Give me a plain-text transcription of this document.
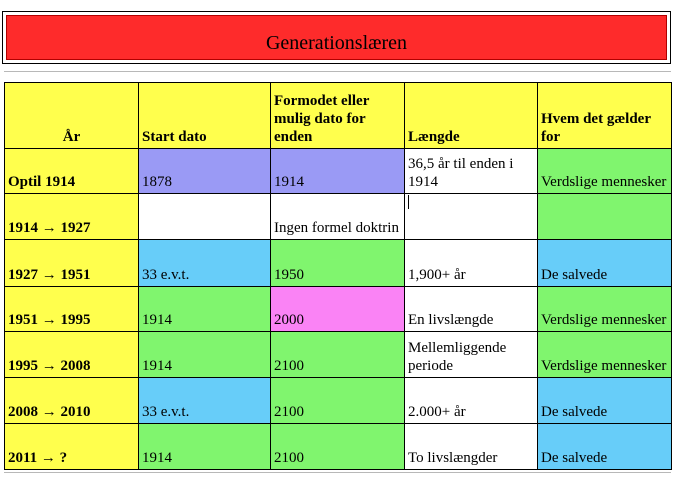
Generationslæren
År	Start dato	Formodet eller mulig dato for enden	Længde	Hvem det gælder for
Optil 1914	1878	1914	36,5 år til enden i 1914	Verdslige mennesker
1914 → 1927		Ingen formel doktrin		
1927 → 1951	33 e.v.t.	1950	1,900+ år	De salvede
1951 → 1995	1914	2000	En livslængde	Verdslige mennesker
1995 → 2008	1914	2100	Mellemliggende periode	Verdslige mennesker
2008 → 2010	33 e.v.t.	2100	2.000+ år	De salvede
2011 → ?	1914	2100	To livslængder	De salvede
